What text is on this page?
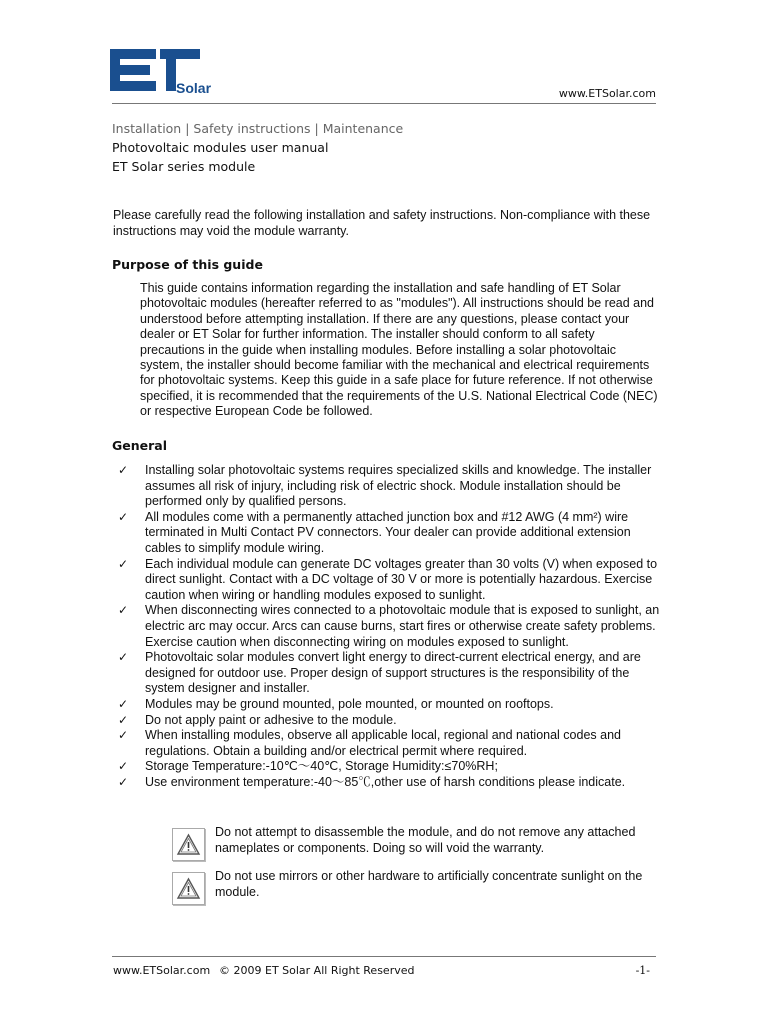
Solar	www.ETSolar.com
Installation | Safety instructions | Maintenance
Photovoltaic modules user manual
ET Solar series module
Please carefully read the following installation and safety instructions. Non-compliance with these instructions may void the module warranty.
Purpose of this guide
This guide contains information regarding the installation and safe handling of ET Solar photovoltaic modules (hereafter referred to as "modules"). All instructions should be read and understood before attempting installation. If there are any questions, please contact your dealer or ET Solar for further information. The installer should conform to all safety precautions in the guide when installing modules. Before installing a solar photovoltaic system, the installer should become familiar with the mechanical and electrical requirements for photovoltaic systems. Keep this guide in a safe place for future reference. If not otherwise specified, it is recommended that the requirements of the U.S. National Electrical Code (NEC) or respective European Code be followed.
General
✓ Installing solar photovoltaic systems requires specialized skills and knowledge. The installer assumes all risk of injury, including risk of electric shock. Module installation should be performed only by qualified persons.
✓ All modules come with a permanently attached junction box and #12 AWG (4 mm²) wire terminated in Multi Contact PV connectors. Your dealer can provide additional extension cables to simplify module wiring.
✓ Each individual module can generate DC voltages greater than 30 volts (V) when exposed to direct sunlight. Contact with a DC voltage of 30 V or more is potentially hazardous. Exercise caution when wiring or handling modules exposed to sunlight.
✓ When disconnecting wires connected to a photovoltaic module that is exposed to sunlight, an electric arc may occur. Arcs can cause burns, start fires or otherwise create safety problems. Exercise caution when disconnecting wiring on modules exposed to sunlight.
✓ Photovoltaic solar modules convert light energy to direct-current electrical energy, and are designed for outdoor use. Proper design of support structures is the responsibility of the system designer and installer.
✓ Modules may be ground mounted, pole mounted, or mounted on rooftops.
✓ Do not apply paint or adhesive to the module.
✓ When installing modules, observe all applicable local, regional and national codes and regulations. Obtain a building and/or electrical permit where required.
✓ Storage Temperature:-10℃～40℃, Storage Humidity:≤70%RH;
✓ Use environment temperature:-40～85℃,other use of harsh conditions please indicate.
Do not attempt to disassemble the module, and do not remove any attached nameplates or components. Doing so will void the warranty.
Do not use mirrors or other hardware to artificially concentrate sunlight on the module.
www.ETSolar.com © 2009 ET Solar All Right Reserved	-1-
